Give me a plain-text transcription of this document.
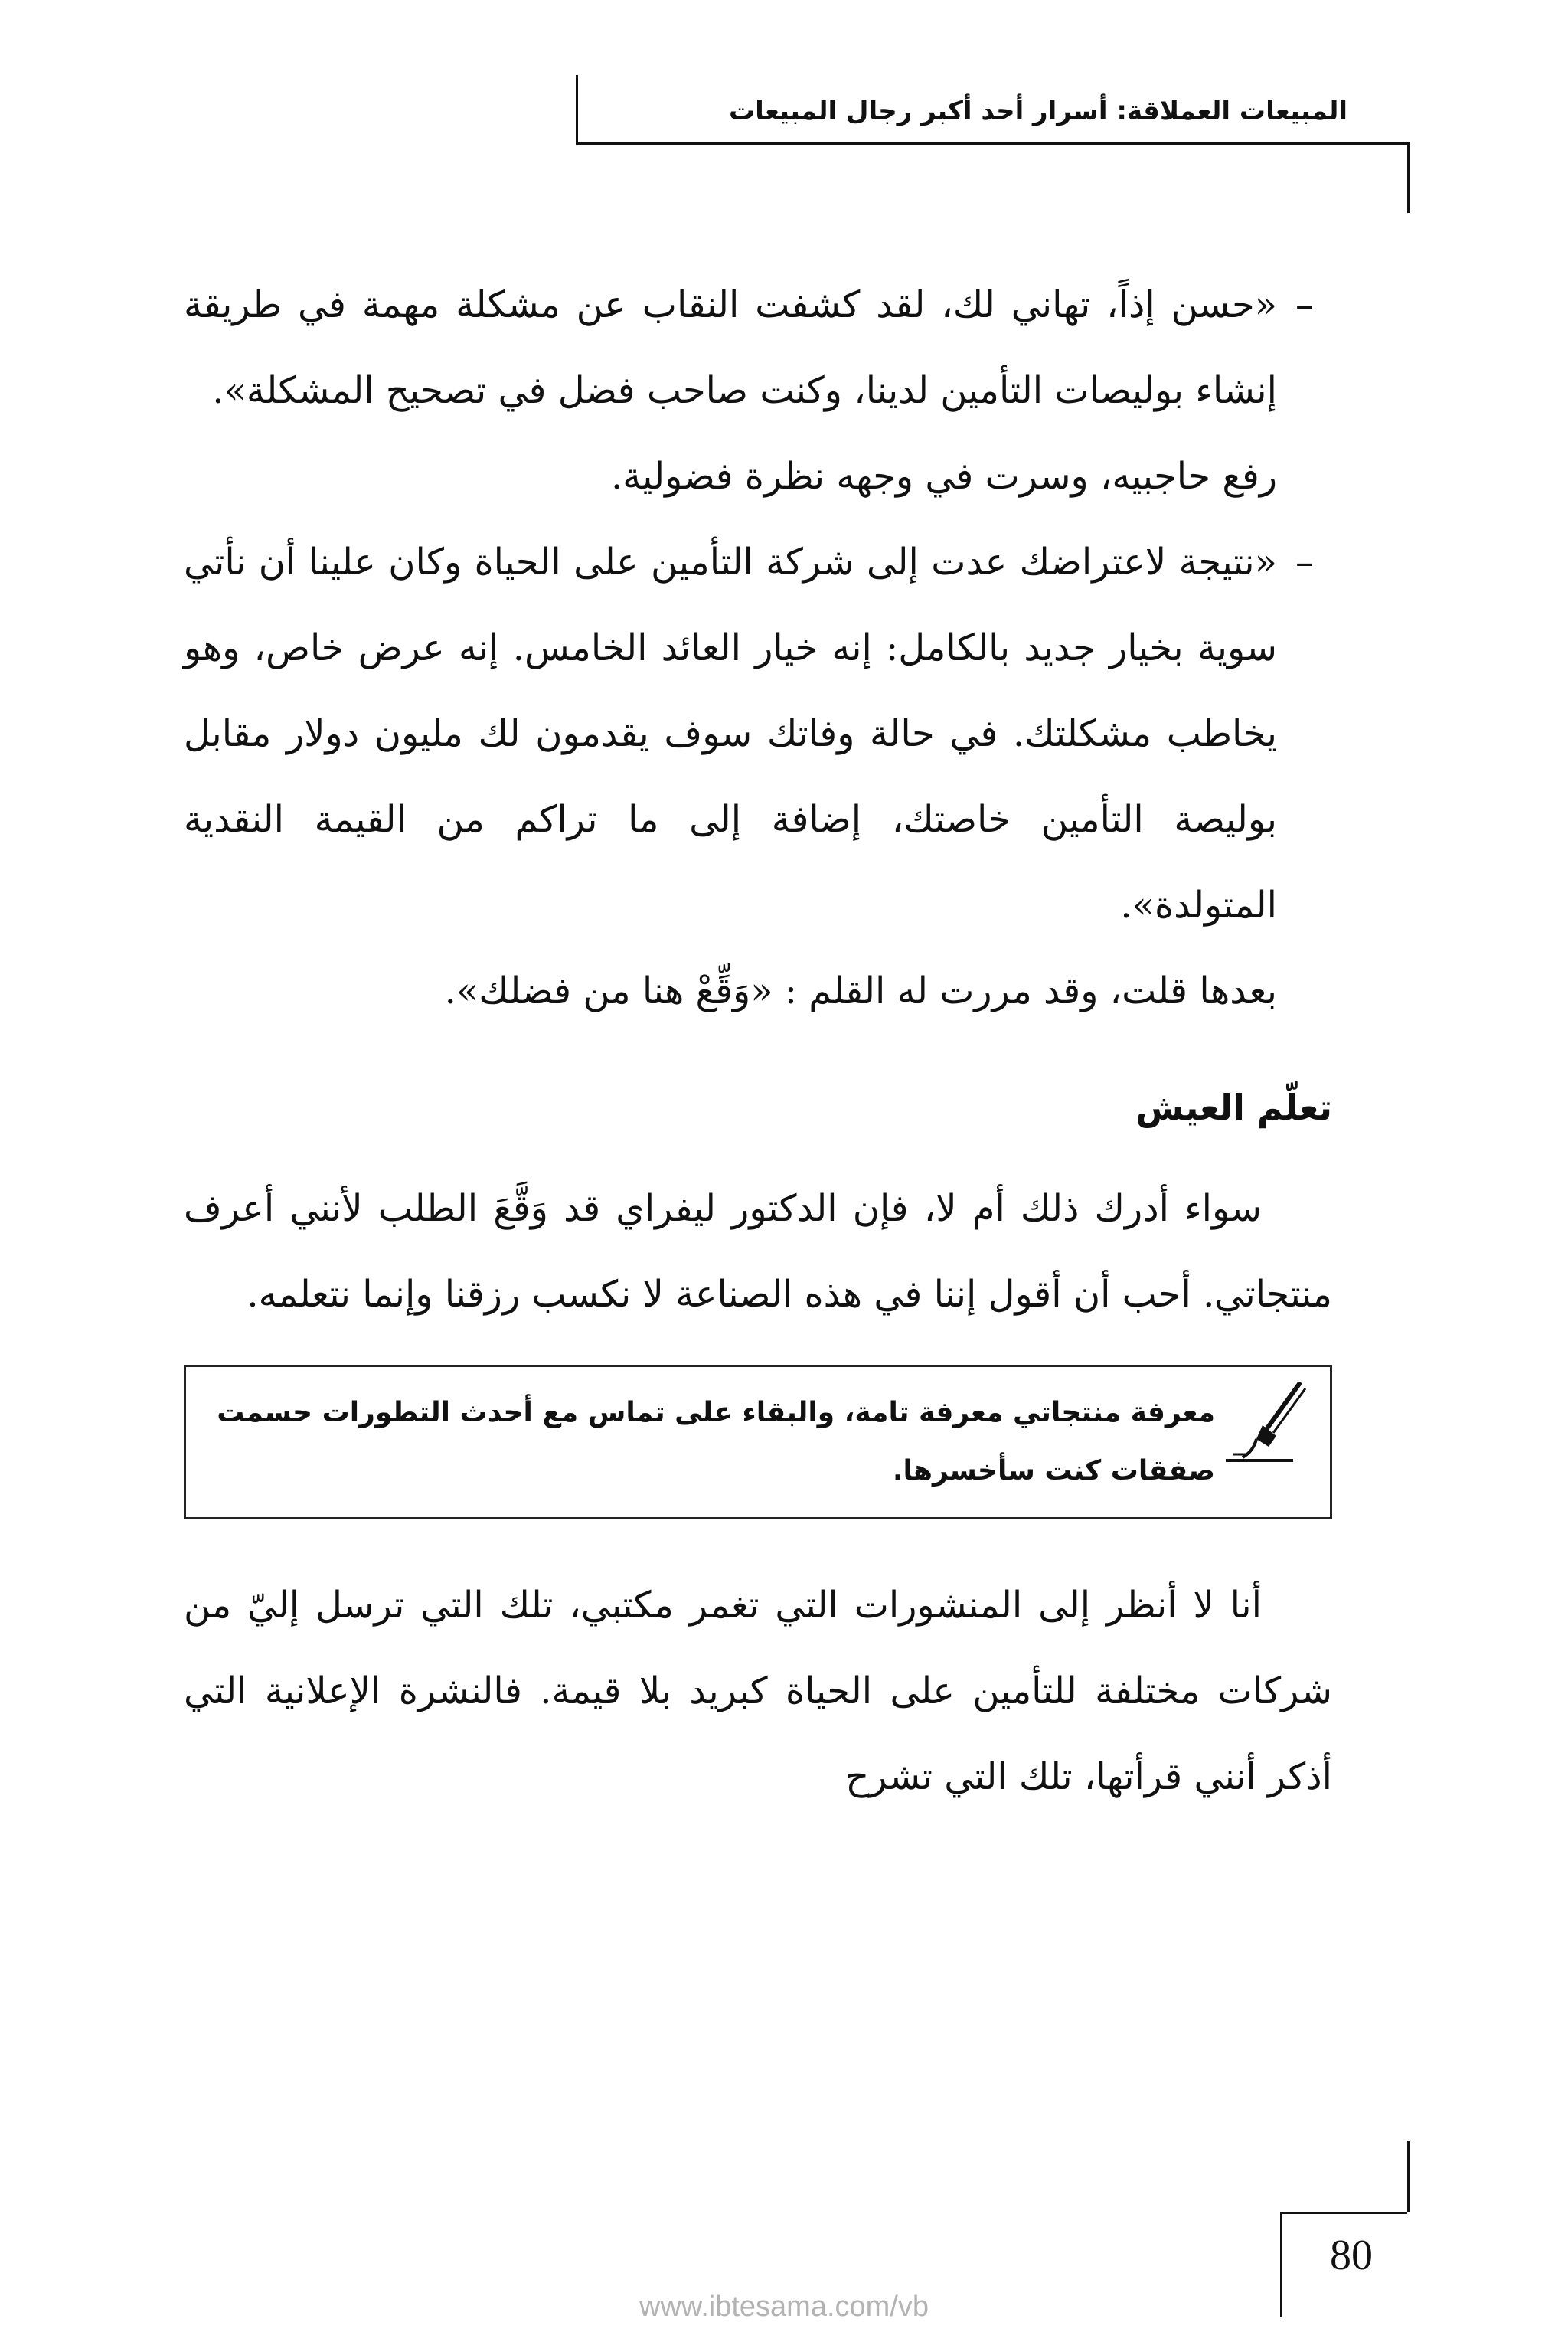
المبيعات العملاقة: أسرار أحد أكبر رجال المبيعات
–

«حسن إذاً، تهاني لك، لقد كشفت النقاب عن مشكلة مهمة في طريقة إنشاء بوليصات التأمين لدينا، وكنت صاحب فضل في تصحيح المشكلة».

رفع حاجبيه، وسرت في وجهه نظرة فضولية.

–

«نتيجة لاعتراضك عدت إلى شركة التأمين على الحياة وكان علينا أن نأتي سوية بخيار جديد بالكامل: إنه خيار العائد الخامس. إنه عرض خاص، وهو يخاطب مشكلتك. في حالة وفاتك سوف يقدمون لك مليون دولار مقابل بوليصة التأمين خاصتك، إضافة إلى ما تراكم من القيمة النقدية المتولدة».

بعدها قلت، وقد مررت له القلم : «وَقِّعْ هنا من فضلك».

تعلّم العيش

سواء أدرك ذلك أم لا، فإن الدكتور ليفراي قد وَقَّعَ الطلب لأنني أعرف منتجاتي. أحب أن أقول إننا في هذه الصناعة لا نكسب رزقنا وإنما نتعلمه.

معرفة منتجاتي معرفة تامة، والبقاء على تماس مع أحدث التطورات حسمت صفقات كنت سأخسرها.

أنا لا أنظر إلى المنشورات التي تغمر مكتبي، تلك التي ترسل إليّ من شركات مختلفة للتأمين على الحياة كبريد بلا قيمة. فالنشرة الإعلانية التي أذكر أنني قرأتها، تلك التي تشرح

80
www.ibtesama.com/vb
